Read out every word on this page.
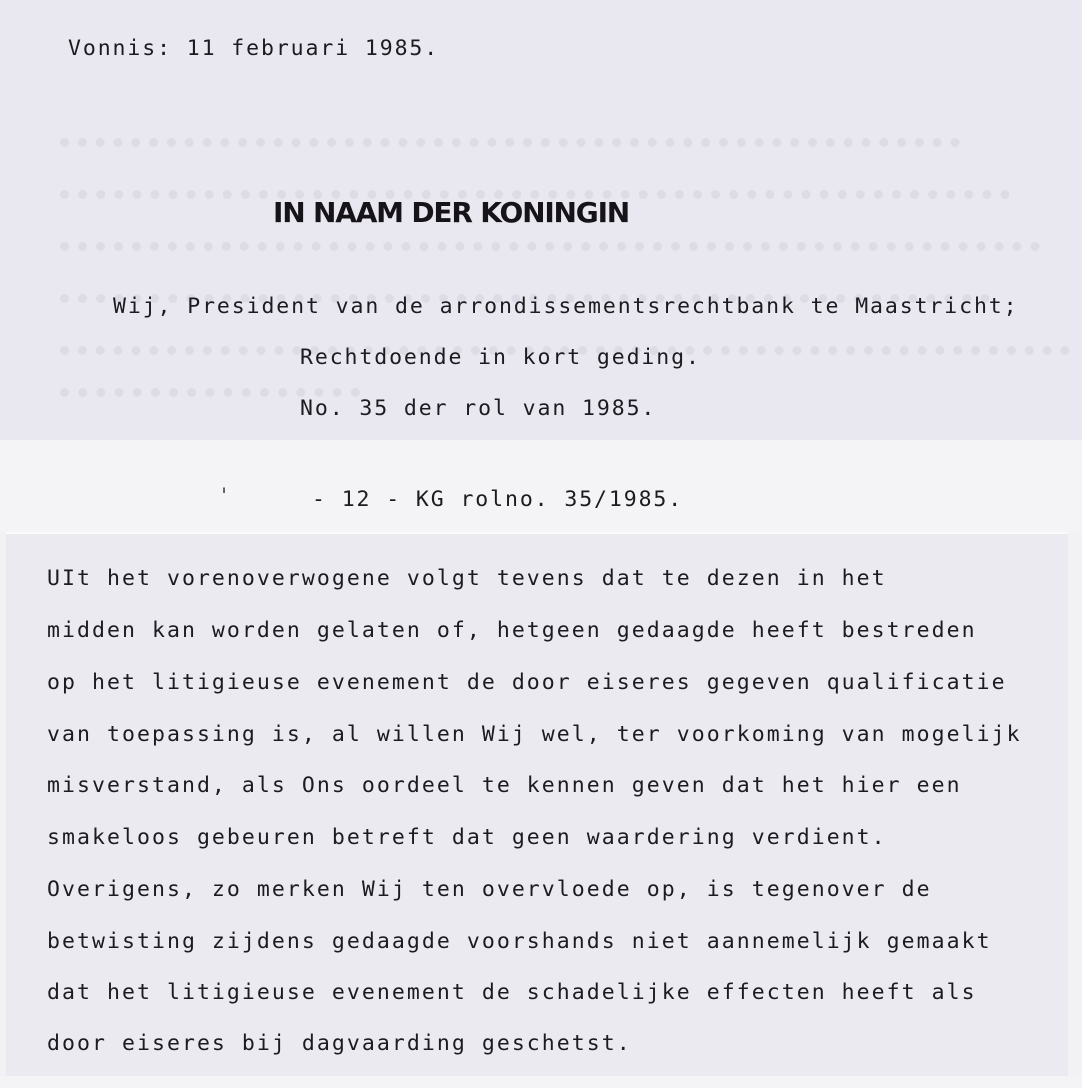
Vonnis: 11 februari 1985.
IN NAAM DER KONINGIN
Wij, President van de arrondissementsrechtbank te Maastricht;
Rechtdoende in kort geding.
No. 35 der rol van 1985.
ˈ	- 12 - KG rolno. 35/1985.
UIt het vorenoverwogene volgt tevens dat te dezen in het
midden kan worden gelaten of, hetgeen gedaagde heeft bestreden
op het litigieuse evenement de door eiseres gegeven qualificatie
van toepassing is, al willen Wij wel, ter voorkoming van mogelijk
misverstand, als Ons oordeel te kennen geven dat het hier een
smakeloos gebeuren betreft dat geen waardering verdient.
Overigens, zo merken Wij ten overvloede op, is tegenover de
betwisting zijdens gedaagde voorshands niet aannemelijk gemaakt
dat het litigieuse evenement de schadelijke effecten heeft als
door eiseres bij dagvaarding geschetst.
